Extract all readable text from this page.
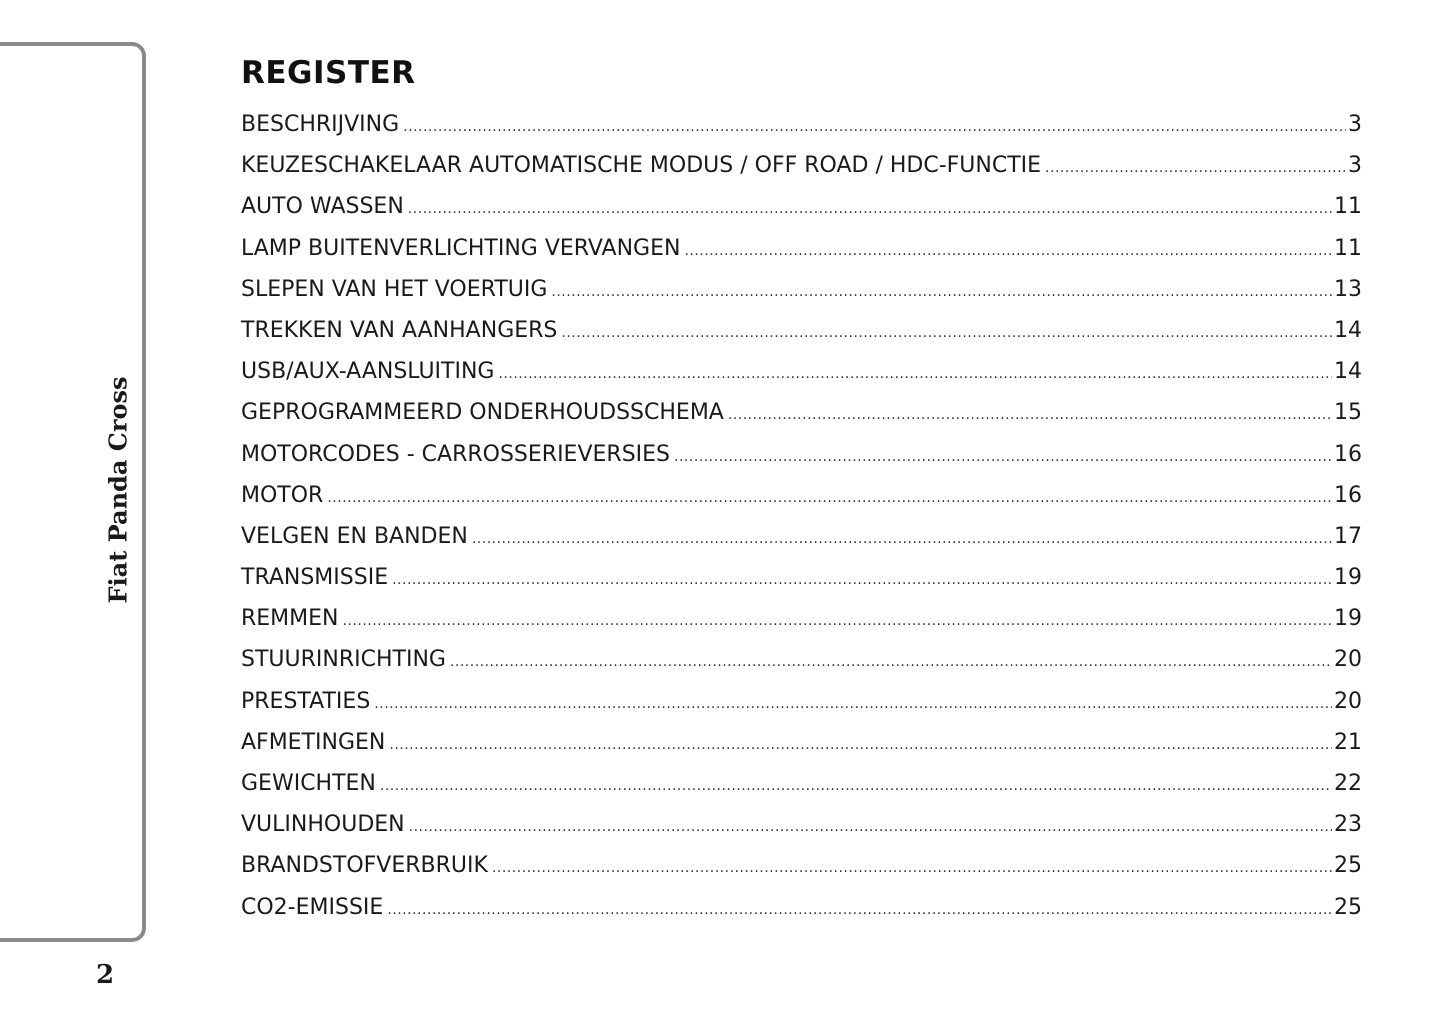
Fiat Panda Cross
2
REGISTER
BESCHRIJVING .....	3
KEUZESCHAKELAAR AUTOMATISCHE MODUS / OFF ROAD / HDC-FUNCTIE .....	3
AUTO WASSEN .....	11
LAMP BUITENVERLICHTING VERVANGEN .....	11
SLEPEN VAN HET VOERTUIG .....	13
TREKKEN VAN AANHANGERS .....	14
USB/AUX-AANSLUITING .....	14
GEPROGRAMMEERD ONDERHOUDSSCHEMA .....	15
MOTORCODES - CARROSSERIEVERSIES .....	16
MOTOR .....	16
VELGEN EN BANDEN .....	17
TRANSMISSIE .....	19
REMMEN .....	19
STUURINRICHTING .....	20
PRESTATIES .....	20
AFMETINGEN .....	21
GEWICHTEN .....	22
VULINHOUDEN .....	23
BRANDSTOFVERBRUIK .....	25
CO2-EMISSIE .....	25
